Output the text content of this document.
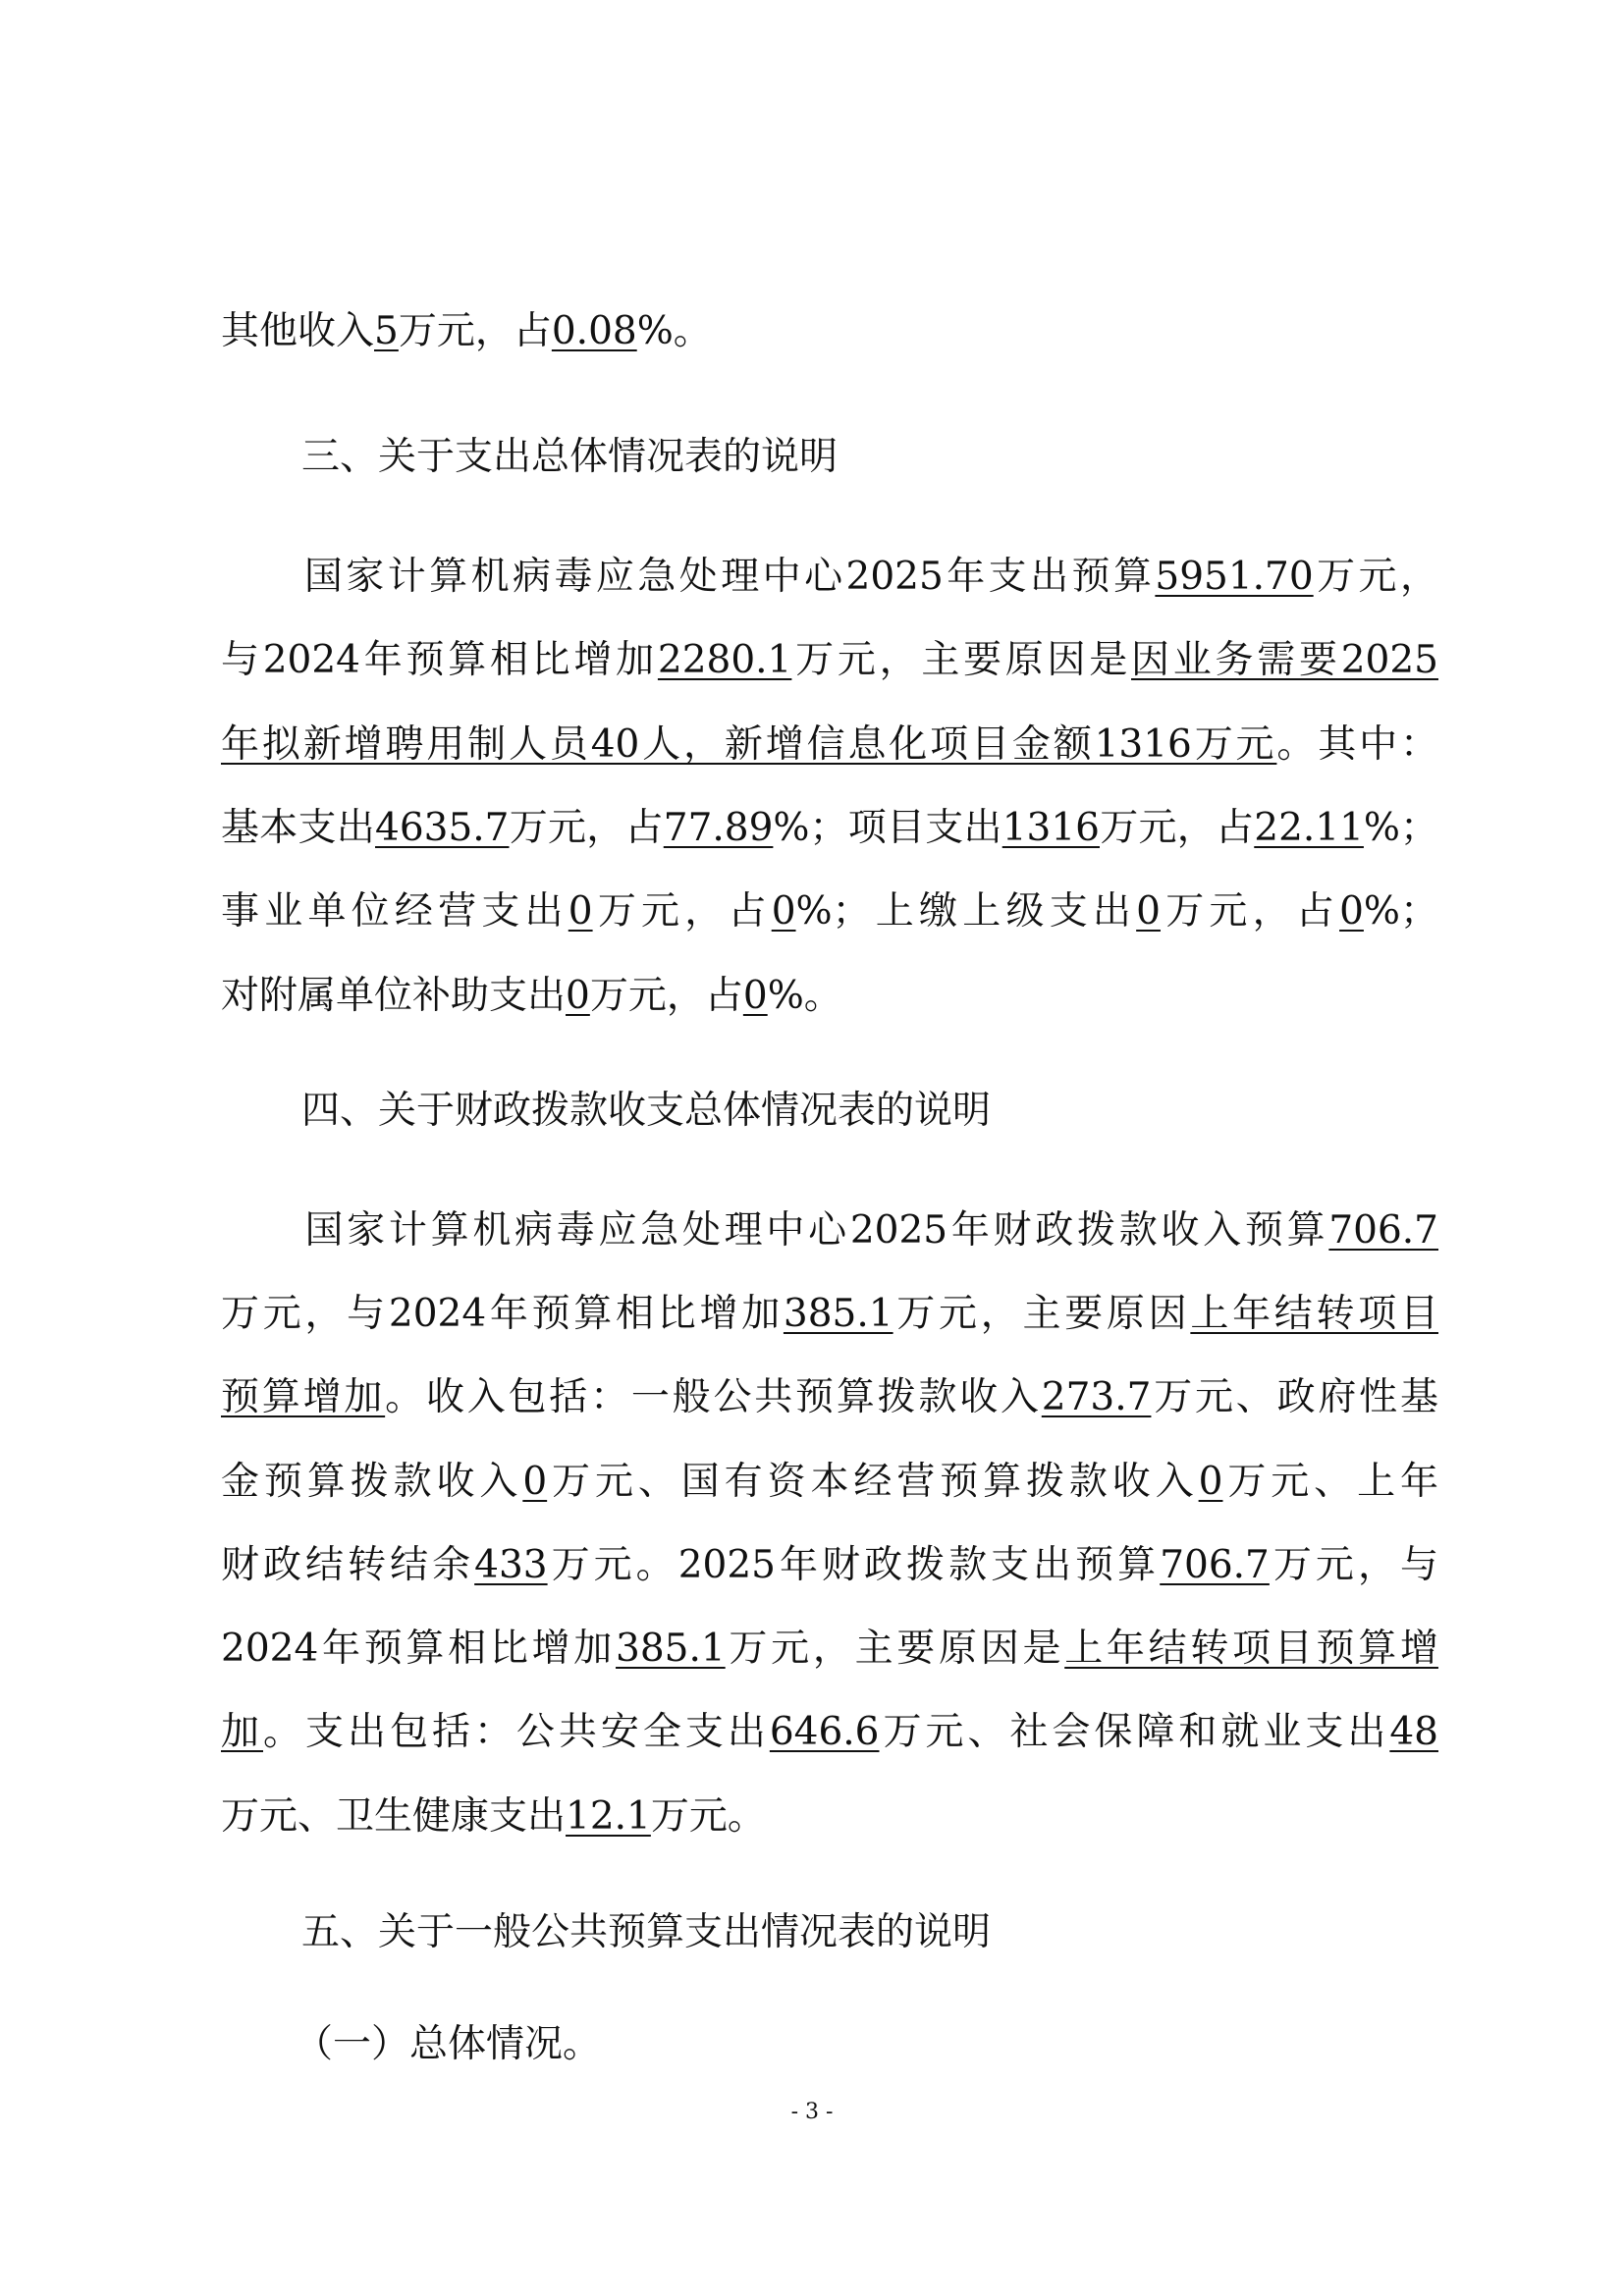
其他收入5万元，占0.08%。
三、关于支出总体情况表的说明
　　国家计算机病毒应急处理中心2025年支出预算5951.70万元，
与2024年预算相比增加2280.1万元，主要原因是因业务需要2025
年拟新增聘用制人员40人，新增信息化项目金额1316万元。其中：
基本支出4635.7万元，占77.89%；项目支出1316万元，占22.11%；
事业单位经营支出0万元，占0%；上缴上级支出0万元，占0%；
对附属单位补助支出0万元，占0%。
四、关于财政拨款收支总体情况表的说明
　　国家计算机病毒应急处理中心2025年财政拨款收入预算706.7
万元，与2024年预算相比增加385.1万元，主要原因上年结转项目
预算增加。收入包括：一般公共预算拨款收入273.7万元、政府性基
金预算拨款收入0万元、国有资本经营预算拨款收入0万元、上年
财政结转结余433万元。2025年财政拨款支出预算706.7万元，与
2024年预算相比增加385.1万元，主要原因是上年结转项目预算增
加。支出包括：公共安全支出646.6万元、社会保障和就业支出48
万元、卫生健康支出12.1万元。
五、关于一般公共预算支出情况表的说明
（一）总体情况。
- 3 -
